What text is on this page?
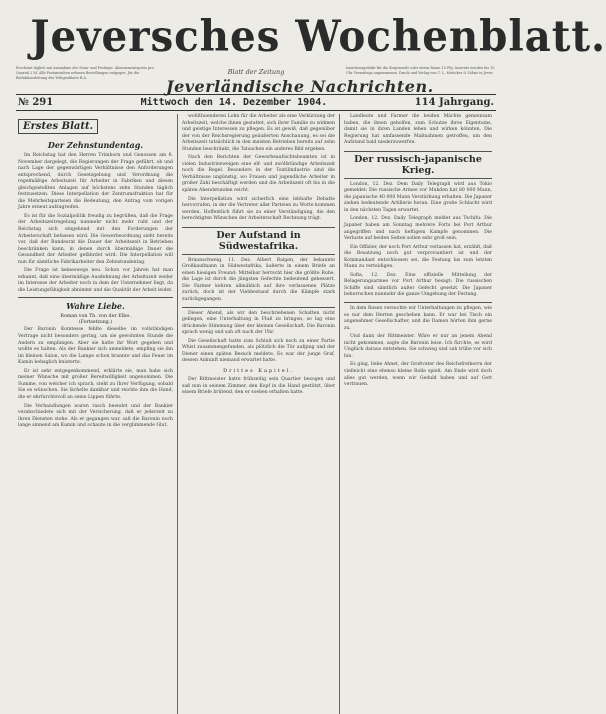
Jeversches Wochenblatt.
Erscheint täglich mit Ausnahme der Sonn- und Festtage. Abonnementspreis pro Quartal 2 M. Alle Postanstalten nehmen Bestellungen entgegen. Jür die Redaktionsleitung des Wittgenblatts R.A.
Blatt der Zeitung
Jeverländische Nachrichten.
Insertionsgebühr für die Korpuszeile oder deren Raum 15 Pfg. Inserate werden bis 10 Uhr Vormittags angenommen. Druck und Verlag von C. L. Mettcker & Söhne in Jever.
№ 291	Mittwoch den 14. Dezember 1904.	114 Jahrgang.
Erstes Blatt.
Der Zehnstundentag.

Im Reichstag hat den Herren Trimborn und Genossen am 6. November dargelegt, die Regierungen der Frage geführt, ob und nach Lage der gegenwärtigen Verhältnisse den Anforderungen entsprechend, durch Gesetzgebung und Verordnung die regelmäßige Arbeitszeit für Arbeiter in Fabriken und diesen gleichgestellten Anlagen auf höchstens zehn Stunden täglich festzusetzen. Diese Interpellation der Zentrumsfraktion hat für die Mehrheitsparteien die Bedeutung, den Antrag vom vorigen Jahre erneut aufzugreifen.

Es ist für die Sozialpolitik freudig zu begrüßen, daß die Frage der Arbeitszeitregelung nunmehr nicht mehr ruht und der Reichstag sich eingehend mit den Forderungen der Arbeiterschaft befassen wird. Die Gewerbeordnung sieht bereits vor, daß der Bundesrat die Dauer der Arbeitszeit in Betrieben beschränken kann, in denen durch übermäßige Dauer die Gesundheit der Arbeiter gefährdet wird. Die Interpellation will nun für sämtliche Fabrikarbeiter den Zehnstundentag.

Die Frage ist keineswegs neu. Schon vor Jahren hat man erkannt, daß eine übermäßige Ausdehnung der Arbeitszeit weder im Interesse der Arbeiter noch in dem der Unternehmer liegt, da die Leistungsfähigkeit abnimmt und die Qualität der Arbeit leidet.

Wahre Liebe.
Roman von Th. von der Elbe.
(Fortsetzung.)

Der Baronin Komtesse fehlte dieselbe im vollständigen Vertrage nicht besonders gering, um sie gewohnten Stunde die Andern zu empfangen. Aber sie hatte ihr Wort gegeben und wollte es halten. Als der Bankier sich anmeldete, empfing sie ihn im kleinen Salon, wo die Lampe schon brannte und das Feuer im Kamin behaglich knisterte.

Er ist sehr entgegenkommend, erklärte sie, man habe sich meiner Wünsche mit großer Bereitwilligkeit angenommen. Die Summe, von welcher ich sprach, steht zu Ihrer Verfügung, sobald Sie es wünschen. Sie lächelte dankbar und reichte ihm die Hand, die er ehrfurchtsvoll an seine Lippen führte.

Die Verhandlungen waren rasch beendet und der Bankier verabschiedete sich mit der Versicherung, daß er jederzeit zu ihren Diensten stehe. Als er gegangen war, saß die Baronin noch lange sinnend am Kamin und schaute in die verglimmende Glut.

wohlthuenderen Lohn für die Arbeiter als eine Verkürzung der Arbeitszeit, welche ihnen gestattet, sich ihrer Familie zu widmen und geistige Interessen zu pflegen. Es ist gewiß, daß gegenüber der von der Reichsregierung geäußerten Anschauung, es sei die Arbeitszeit tatsächlich in den meisten Betrieben bereits auf zehn Stunden beschränkt, die Tatsachen ein anderes Bild ergeben.

Nach den Berichten der Gewerbeaufsichtsbeamten ist in vielen Industriezweigen eine elf- und zwölfstündige Arbeitszeit noch die Regel. Besonders in der Textilindustrie sind die Verhältnisse ungünstig, wo Frauen und jugendliche Arbeiter in großer Zahl beschäftigt werden und die Arbeitszeit oft bis in die späten Abendstunden reicht.

Die Interpellation wird sicherlich eine lebhafte Debatte hervorrufen, in der die Vertreter aller Parteien zu Worte kommen werden. Hoffentlich führt sie zu einer Verständigung, die den berechtigten Wünschen der Arbeiterschaft Rechnung trägt.

Der Aufstand in Südwestafrika.

Braunschweig, 11. Dez. Albert Balgen, der bekannte Großkaufmann in Südwestafrika, äußerte in einem Briefe an einen hiesigen Freund: Mittelbar herrscht hier die größte Ruhe, die Lage ist durch die jüngsten Gefechte bedeutend gebessert. Die Farmer kehren allmählich auf ihre verlassenen Plätze zurück, doch ist der Viehbestand durch die Kämpfe stark zurückgegangen.

Dieser Abend, als wir den beschriebenen Schatten nicht gelingen, eine Unterhaltung in Fluß zu bringen, so lag eine drückende Stimmung über der kleinen Gesellschaft. Die Baronin sprach wenig und sah oft nach der Uhr.

Die Gesellschaft hatte zum Schluß sich noch zu einer Partie Whist zusammengefunden, als plötzlich die Tür aufging und der Diener einen späten Besuch meldete. Es war der junge Graf, dessen Ankunft niemand erwartet hatte.

Drittes Kapitel.

Der Rittmeister hatte frühzeitig sein Quartier bezogen und saß nun in seinem Zimmer, den Kopf in die Hand gestützt, über einem Briefe brütend, den er soeben erhalten hatte.

Landleute und Farmer die beiden Mächte gemeinsam haben, die ihnen geholfen, zum Schutze ihres Eigentums, damit sie in ihren Landen leben und wirken könnten. Die Regierung hat umfassende Maßnahmen getroffen, um den Aufstand bald niederzuwerfen.

Der russisch-japanische Krieg.

London, 12. Dez. Dem Daily Telegraph wird aus Tokio gemeldet: Die russische Armee vor Mukden hat 80 000 Mann, die japanische 40 000 Mann Verstärkung erhalten. Die Japaner ziehen bedeutende Artillerie heran. Eine große Schlacht wird in den nächsten Tagen erwartet.

London, 12. Dez. Daily Telegraph meldet aus Tschifu: Die Japaner haben am Sonntag mehrere Forts bei Port Arthur angegriffen und nach heftigem Kampfe genommen. Die Verluste auf beiden Seiten sollen sehr groß sein.

Ein Offizier, der noch Port Arthur verlassen hat, erzählt, daß die Besatzung noch gut verproviantiert ist und der Kommandant entschlossen sei, die Festung bis zum letzten Mann zu verteidigen.

Sofia, 12. Dez. Eine offizielle Mitteilung der Belagerungsarmee vor Port Arthur besagt: Die russischen Schiffe sind sämtlich außer Gefecht gesetzt. Die Japaner beherrschen nunmehr die ganze Umgebung der Festung.

In dem Rosen versuchte wir Unterhaltungen zu pflegen, wie es nur dem Herren geschehen kann. Er war bei Tisch ein angenehmer Gesellschafter, und die Damen hörten ihm gerne zu.

Und dann der Rittmeister. Wäre er nur an jenem Abend nicht gekommen, sagte die Baronin leise. Ich fürchte, es wird Unglück daraus entstehen. Sie schwieg und sah trübe vor sich hin.

Es ging, liebe Ahnet, der Großvater des Reichsfreiherrn der vielleicht eine ebenso kleine Rolle spielt. Am Ende wird doch alles gut werden, wenn wir Geduld haben und auf Gott vertrauen.
